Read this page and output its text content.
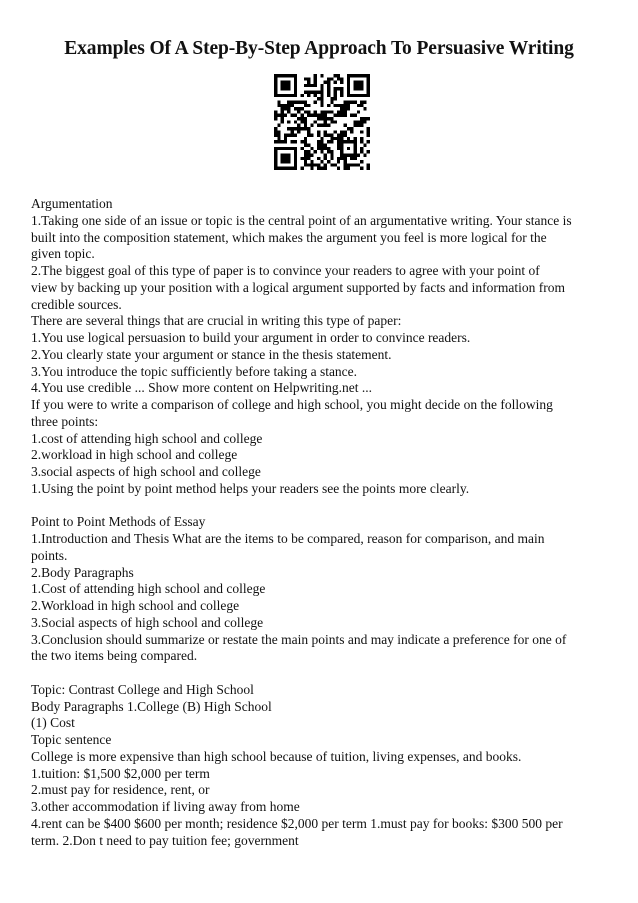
Examples Of A Step-By-Step Approach To Persuasive Writing
Argumentation
1.Taking one side of an issue or topic is the central point of an argumentative writing. Your stance is
built into the composition statement, which makes the argument you feel is more logical for the
given topic.
2.The biggest goal of this type of paper is to convince your readers to agree with your point of
view by backing up your position with a logical argument supported by facts and information from
credible sources.
There are several things that are crucial in writing this type of paper:
1.You use logical persuasion to build your argument in order to convince readers.
2.You clearly state your argument or stance in the thesis statement.
3.You introduce the topic sufficiently before taking a stance.
4.You use credible ... Show more content on Helpwriting.net ...
If you were to write a comparison of college and high school, you might decide on the following
three points:
1.cost of attending high school and college
2.workload in high school and college
3.social aspects of high school and college
1.Using the point by point method helps your readers see the points more clearly.
Point to Point Methods of Essay
1.Introduction and Thesis What are the items to be compared, reason for comparison, and main
points.
2.Body Paragraphs
1.Cost of attending high school and college
2.Workload in high school and college
3.Social aspects of high school and college
3.Conclusion should summarize or restate the main points and may indicate a preference for one of
the two items being compared.
Topic: Contrast College and High School
Body Paragraphs 1.College (B) High School
(1) Cost
Topic sentence
College is more expensive than high school because of tuition, living expenses, and books.
1.tuition: $1,500 $2,000 per term
2.must pay for residence, rent, or
3.other accommodation if living away from home
4.rent can be $400 $600 per month; residence $2,000 per term 1.must pay for books: $300 500 per
term. 2.Don t need to pay tuition fee; government
